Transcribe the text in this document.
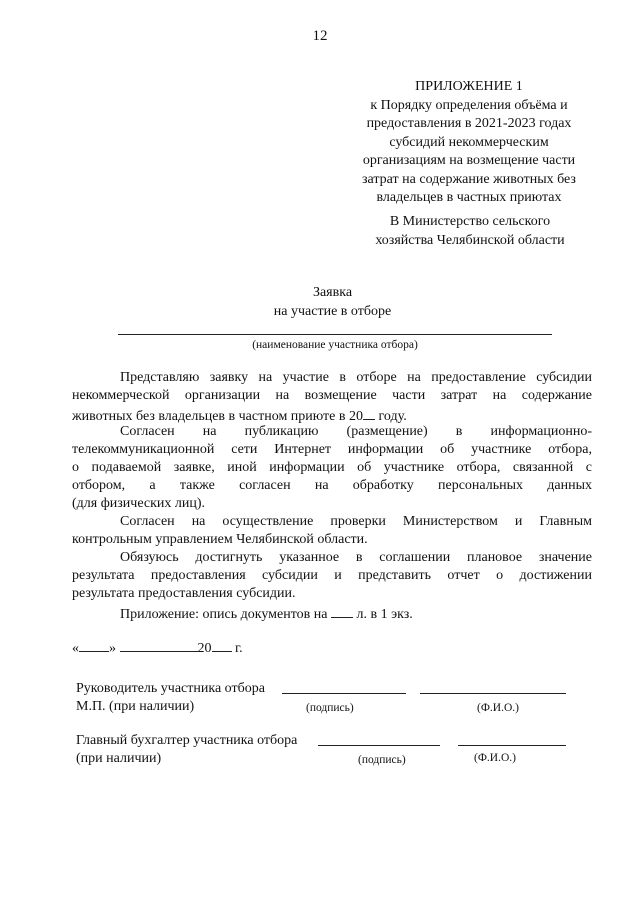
12
ПРИЛОЖЕНИЕ 1
к Порядку определения объёма и
предоставления в 2021-2023 годах
субсидий некоммерческим
организациям на возмещение части
затрат на содержание животных без
владельцев в частных приютах
В Министерство сельского
хозяйства Челябинской области
Заявка
на участие в отборе
(наименование участника отбора)
Представляю заявку на участие в отборе на предоставление субсидии
некоммерческой организации на возмещение части затрат на содержание
животных без владельцев в частном приюте в 20 году.
Согласен на публикацию (размещение) в информационно-
телекоммуникационной сети Интернет информации об участнике отбора,
о подаваемой заявке, иной информации об участнике отбора, связанной с
отбором, а также согласен на обработку персональных данных
(для физических лиц).
Согласен на осуществление проверки Министерством и Главным
контрольным управлением Челябинской области.
Обязуюсь достигнуть указанное в соглашении плановое значение
результата предоставления субсидии и представить отчет о достижении
результата предоставления субсидии.
Приложение: опись документов на л. в 1 экз.
« »	20 г.
Руководитель участника отбора
М.П. (при наличии)	(подпись)	(Ф.И.О.)
Главный бухгалтер участника отбора
(при наличии)	(подпись)	(Ф.И.О.)
